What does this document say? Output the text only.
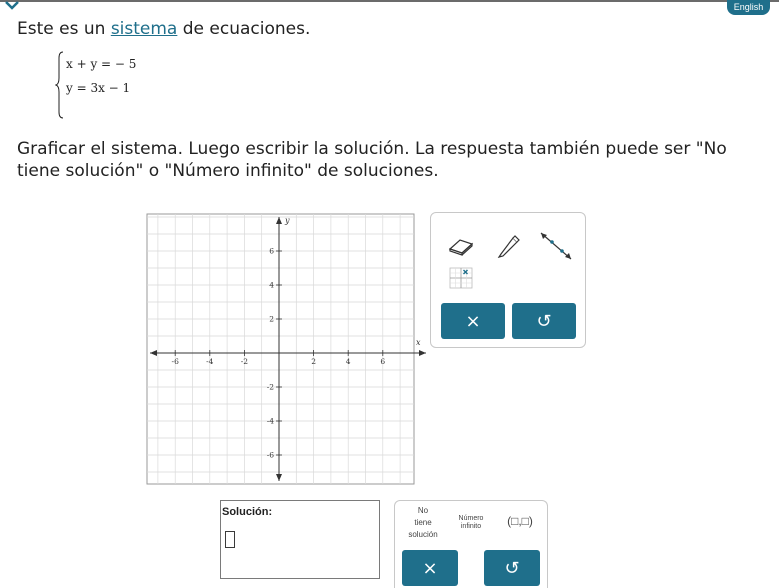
English
Este es un sistema de ecuaciones.
x + y = − 5
y = 3x − 1
Graficar el sistema. Luego escribir la solución. La respuesta también puede ser "No tiene solución" o "Número infinito" de soluciones.
-6	-4	-2	2	4	6
6
4
2
-2
-4
-6
x
y
×	↺
Solución:	No
tiene
solución
Número
infinito	(□,□)
×	↺
